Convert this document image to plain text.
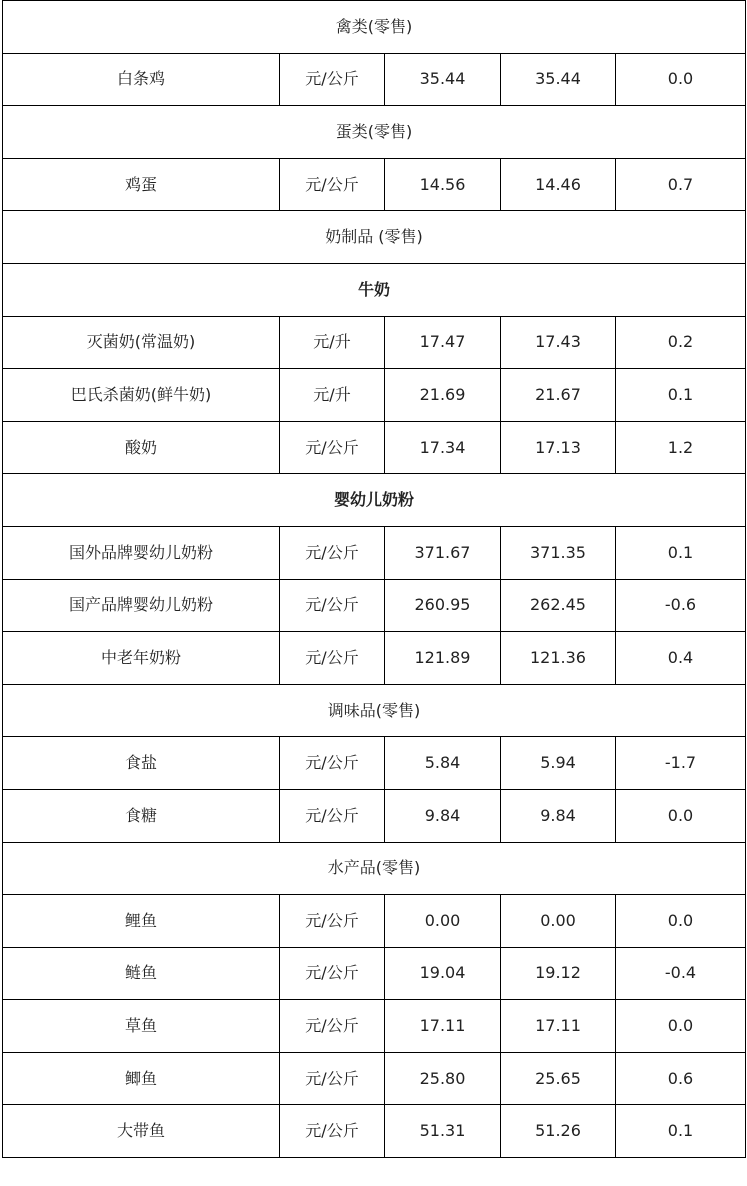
禽类(零售)				
白条鸡	元/公斤	35.44	35.44	0.0
蛋类(零售)				
鸡蛋	元/公斤	14.56	14.46	0.7
奶制品 (零售)				
牛奶				
灭菌奶(常温奶)	元/升	17.47	17.43	0.2
巴氏杀菌奶(鲜牛奶)	元/升	21.69	21.67	0.1
酸奶	元/公斤	17.34	17.13	1.2
婴幼儿奶粉				
国外品牌婴幼儿奶粉	元/公斤	371.67	371.35	0.1
国产品牌婴幼儿奶粉	元/公斤	260.95	262.45	-0.6
中老年奶粉	元/公斤	121.89	121.36	0.4
调味品(零售)				
食盐	元/公斤	5.84	5.94	-1.7
食糖	元/公斤	9.84	9.84	0.0
水产品(零售)				
鲤鱼	元/公斤	0.00	0.00	0.0
鲢鱼	元/公斤	19.04	19.12	-0.4
草鱼	元/公斤	17.11	17.11	0.0
鲫鱼	元/公斤	25.80	25.65	0.6
大带鱼	元/公斤	51.31	51.26	0.1
